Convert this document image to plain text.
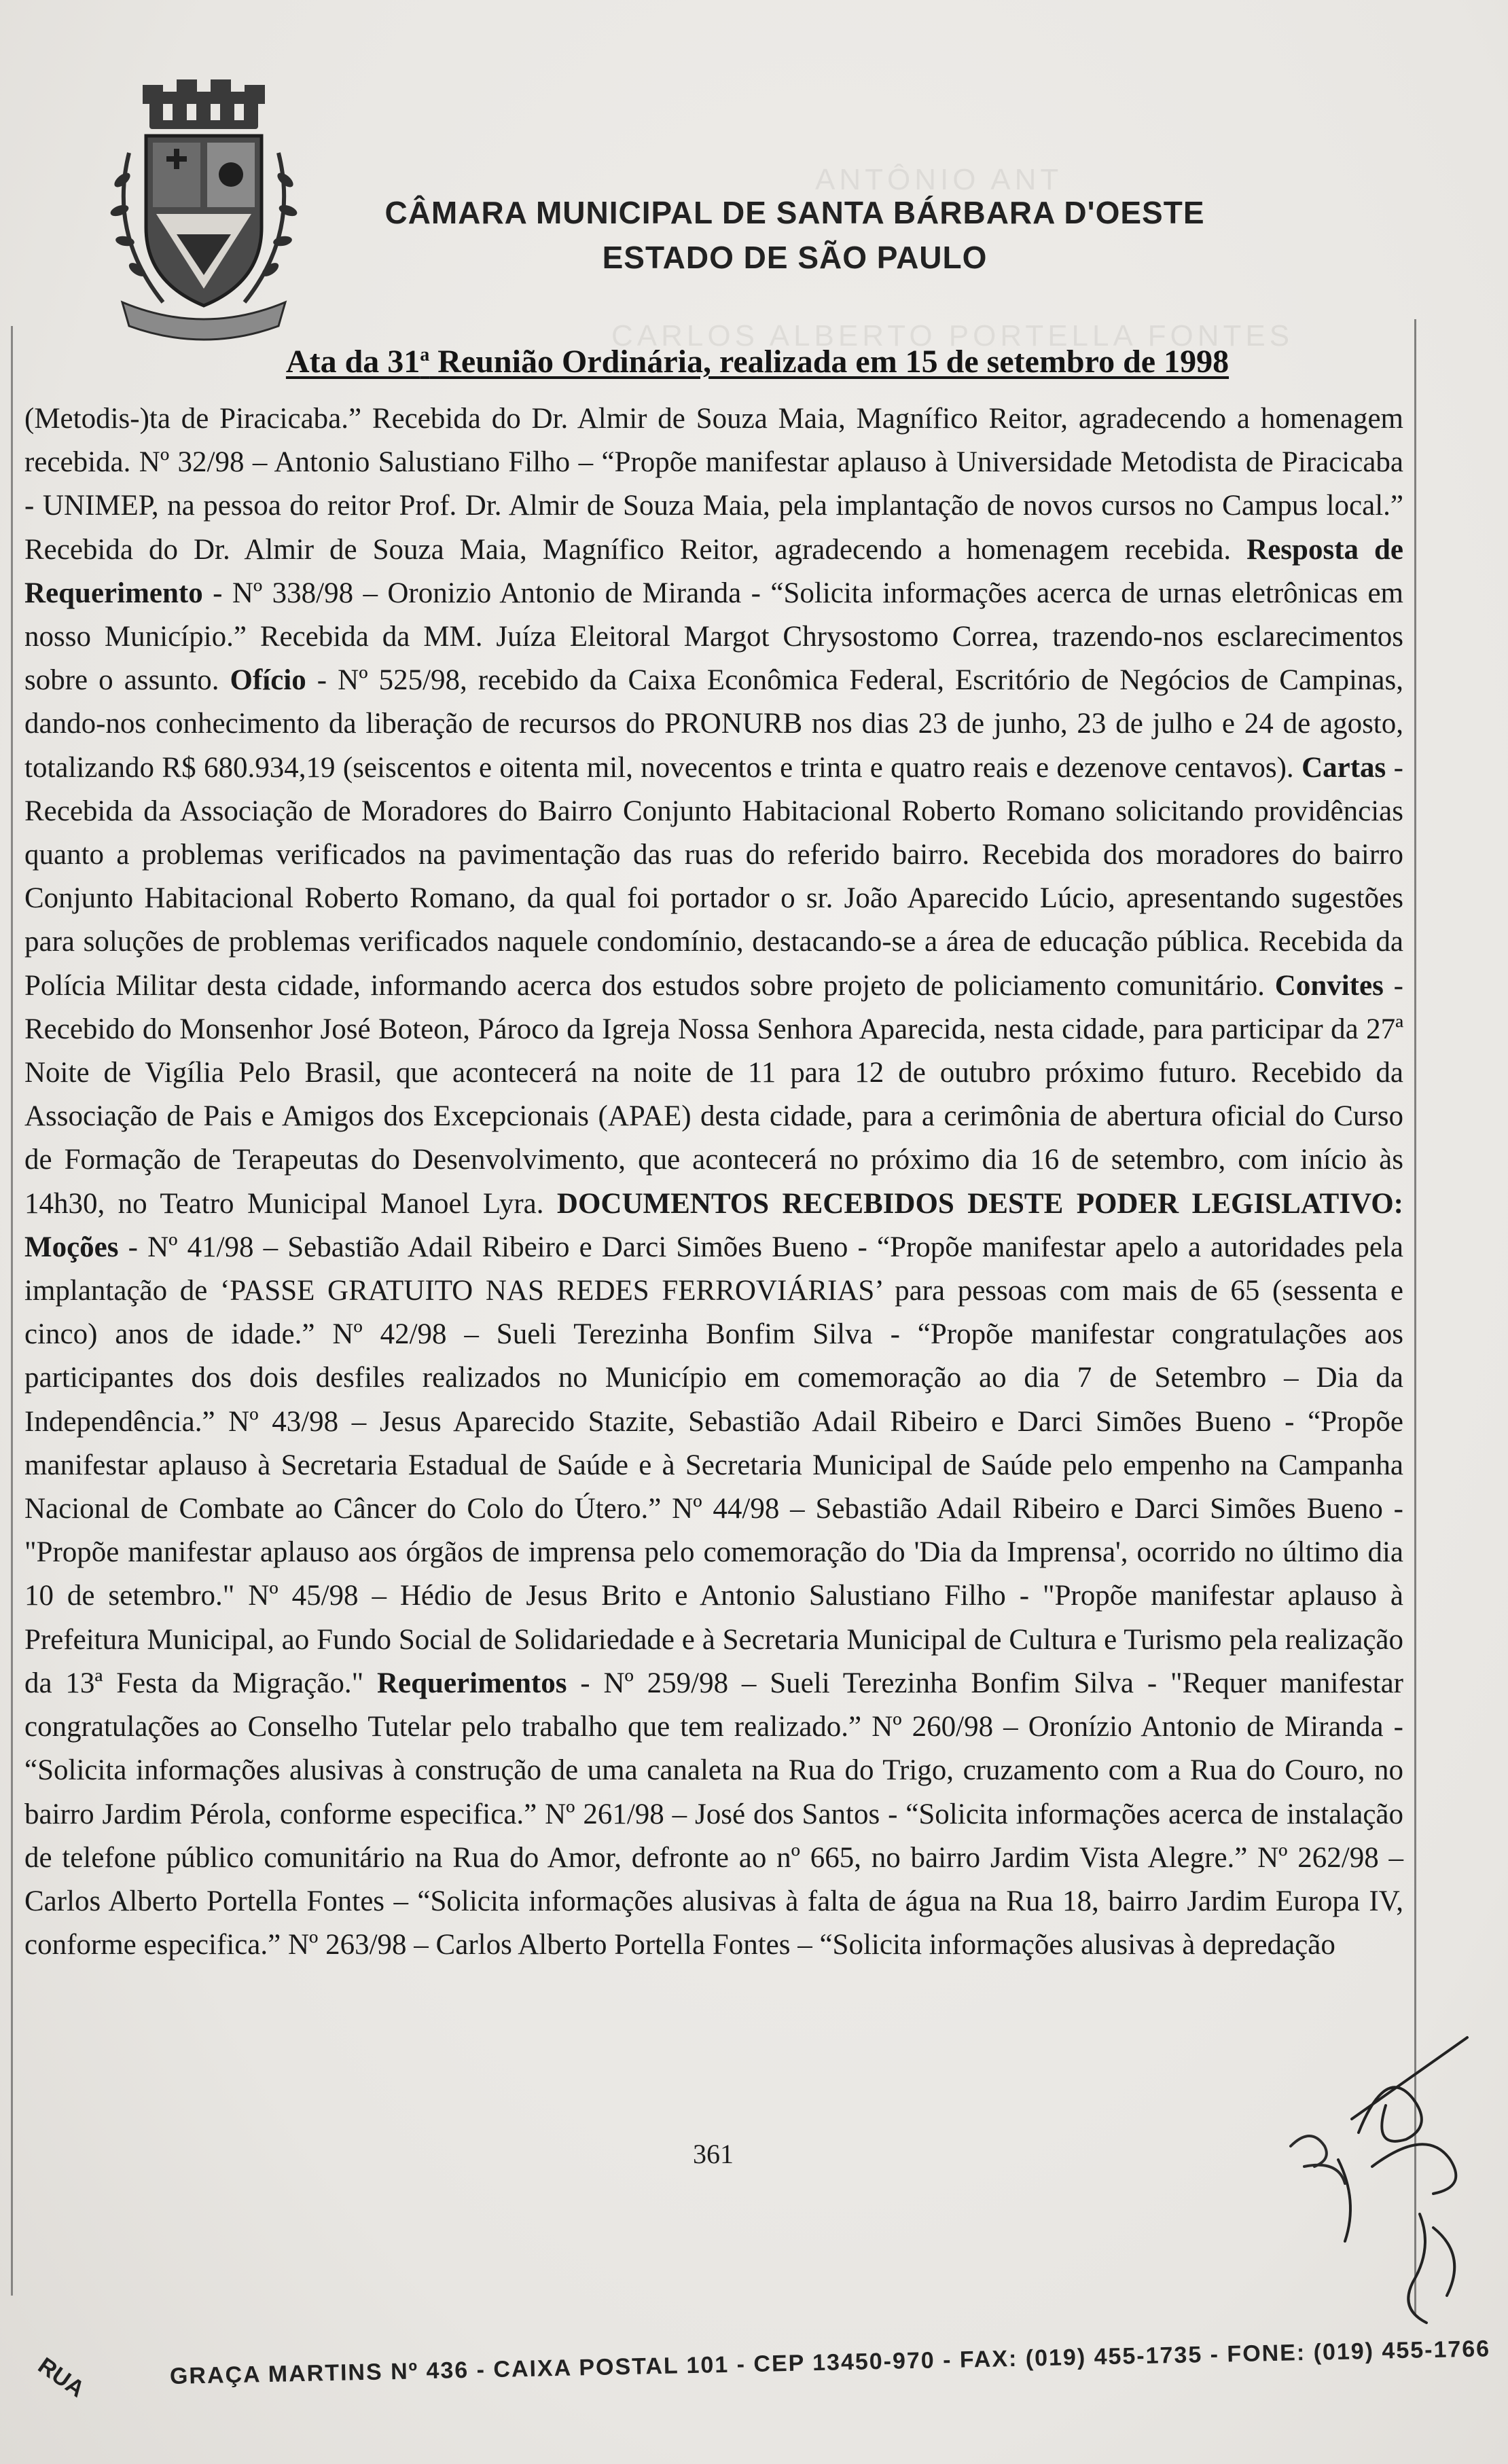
ANTÔNIO ANT
CARLOS ALBERTO PORTELLA FONTES
CÂMARA MUNICIPAL DE SANTA BÁRBARA D'OESTE
ESTADO DE SÃO PAULO
Ata da 31$^a$ Reunião Ordinária, realizada em 15 de setembro de 1998

(Metodis-)ta de Piracicaba.” Recebida do Dr. Almir de Souza Maia, Magnífico Reitor, agradecendo a homenagem recebida. Nº 32/98 – Antonio Salustiano Filho – “Propõe manifestar aplauso à Universidade Metodista de Piracicaba - UNIMEP, na pessoa do reitor Prof. Dr. Almir de Souza Maia, pela implantação de novos cursos no Campus local.” Recebida do Dr. Almir de Souza Maia, Magnífico Reitor, agradecendo a homenagem recebida. Resposta de Requerimento - Nº 338/98 – Oronizio Antonio de Miranda - “Solicita informações acerca de urnas eletrônicas em nosso Município.” Recebida da MM. Juíza Eleitoral Margot Chrysostomo Correa, trazendo-nos esclarecimentos sobre o assunto. Ofício - Nº 525/98, recebido da Caixa Econômica Federal, Escritório de Negócios de Campinas, dando-nos conhecimento da liberação de recursos do PRONURB nos dias 23 de junho, 23 de julho e 24 de agosto, totalizando R$ 680.934,19 (seiscentos e oitenta mil, novecentos e trinta e quatro reais e dezenove centavos). Cartas - Recebida da Associação de Moradores do Bairro Conjunto Habitacional Roberto Romano solicitando providências quanto a problemas verificados na pavimentação das ruas do referido bairro. Recebida dos moradores do bairro Conjunto Habitacional Roberto Romano, da qual foi portador o sr. João Aparecido Lúcio, apresentando sugestões para soluções de problemas verificados naquele condomínio, destacando-se a área de educação pública. Recebida da Polícia Militar desta cidade, informando acerca dos estudos sobre projeto de policiamento comunitário. Convites - Recebido do Monsenhor José Boteon, Pároco da Igreja Nossa Senhora Aparecida, nesta cidade, para participar da 27ª Noite de Vigília Pelo Brasil, que acontecerá na noite de 11 para 12 de outubro próximo futuro. Recebido da Associação de Pais e Amigos dos Excepcionais (APAE) desta cidade, para a cerimônia de abertura oficial do Curso de Formação de Terapeutas do Desenvolvimento, que acontecerá no próximo dia 16 de setembro, com início às 14h30, no Teatro Municipal Manoel Lyra. DOCUMENTOS RECEBIDOS DESTE PODER LEGISLATIVO: Moções - Nº 41/98 – Sebastião Adail Ribeiro e Darci Simões Bueno - “Propõe manifestar apelo a autoridades pela implantação de ‘PASSE GRATUITO NAS REDES FERROVIÁRIAS’ para pessoas com mais de 65 (sessenta e cinco) anos de idade.” Nº 42/98 – Sueli Terezinha Bonfim Silva - “Propõe manifestar congratulações aos participantes dos dois desfiles realizados no Município em comemoração ao dia 7 de Setembro – Dia da Independência.” Nº 43/98 – Jesus Aparecido Stazite, Sebastião Adail Ribeiro e Darci Simões Bueno - “Propõe manifestar aplauso à Secretaria Estadual de Saúde e à Secretaria Municipal de Saúde pelo empenho na Campanha Nacional de Combate ao Câncer do Colo do Útero.” Nº 44/98 – Sebastião Adail Ribeiro e Darci Simões Bueno - "Propõe manifestar aplauso aos órgãos de imprensa pelo comemoração do 'Dia da Imprensa', ocorrido no último dia 10 de setembro." Nº 45/98 – Hédio de Jesus Brito e Antonio Salustiano Filho - "Propõe manifestar aplauso à Prefeitura Municipal, ao Fundo Social de Solidariedade e à Secretaria Municipal de Cultura e Turismo pela realização da 13ª Festa da Migração." Requerimentos - Nº 259/98 – Sueli Terezinha Bonfim Silva - "Requer manifestar congratulações ao Conselho Tutelar pelo trabalho que tem realizado.” Nº 260/98 – Oronízio Antonio de Miranda - “Solicita informações alusivas à construção de uma canaleta na Rua do Trigo, cruzamento com a Rua do Couro, no bairro Jardim Pérola, conforme especifica.” Nº 261/98 – José dos Santos - “Solicita informações acerca de instalação de telefone público comunitário na Rua do Amor, defronte ao nº 665, no bairro Jardim Vista Alegre.” Nº 262/98 – Carlos Alberto Portella Fontes – “Solicita informações alusivas à falta de água na Rua 18, bairro Jardim Europa IV, conforme especifica.” Nº 263/98 – Carlos Alberto Portella Fontes – “Solicita informações alusivas à depredação

361
RUA	GRAÇA MARTINS Nº 436 - CAIXA POSTAL 101 - CEP 13450-970 - FAX: (019) 455-1735 - FONE: (019) 455-1766
